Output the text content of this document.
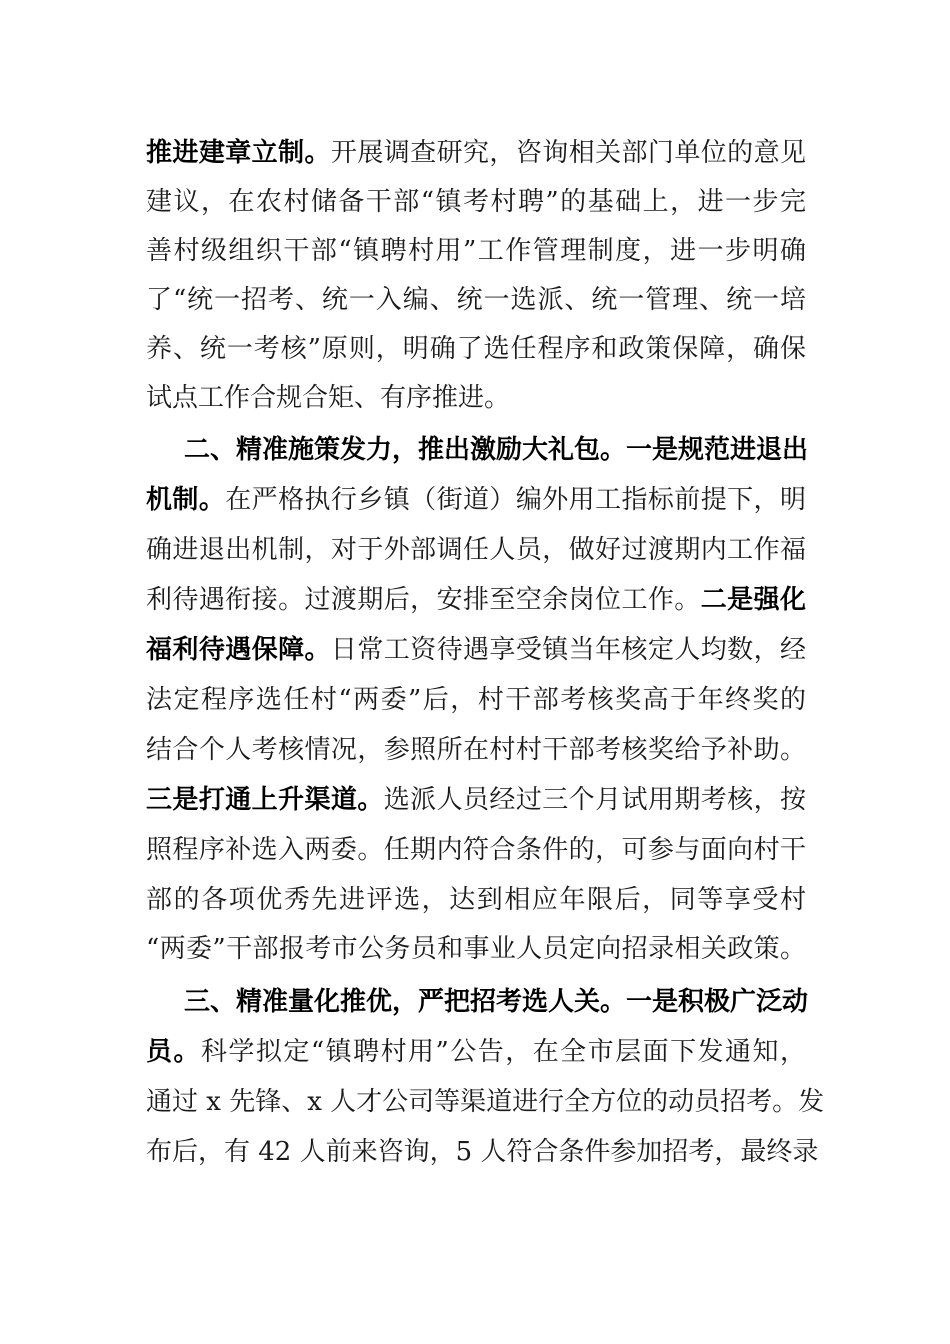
推进建章立制。开展调查研究，咨询相关部门单位的意见
建议，在农村储备干部“镇考村聘”的基础上，进一步完
善村级组织干部“镇聘村用”工作管理制度，进一步明确
了“统一招考、统一入编、统一选派、统一管理、统一培
养、统一考核”原则，明确了选任程序和政策保障，确保
试点工作合规合矩、有序推进。
二、精准施策发力，推出激励大礼包。一是规范进退出
机制。在严格执行乡镇（街道）编外用工指标前提下，明
确进退出机制，对于外部调任人员，做好过渡期内工作福
利待遇衔接。过渡期后，安排至空余岗位工作。二是强化
福利待遇保障。日常工资待遇享受镇当年核定人均数，经
法定程序选任村“两委”后，村干部考核奖高于年终奖的
结合个人考核情况，参照所在村村干部考核奖给予补助。
三是打通上升渠道。选派人员经过三个月试用期考核，按
照程序补选入两委。任期内符合条件的，可参与面向村干
部的各项优秀先进评选，达到相应年限后，同等享受村
“两委”干部报考市公务员和事业人员定向招录相关政策。
三、精准量化推优，严把招考选人关。一是积极广泛动
员。科学拟定“镇聘村用”公告，在全市层面下发通知，
通过 x 先锋、x 人才公司等渠道进行全方位的动员招考。发
布后，有 42 人前来咨询，5 人符合条件参加招考，最终录
